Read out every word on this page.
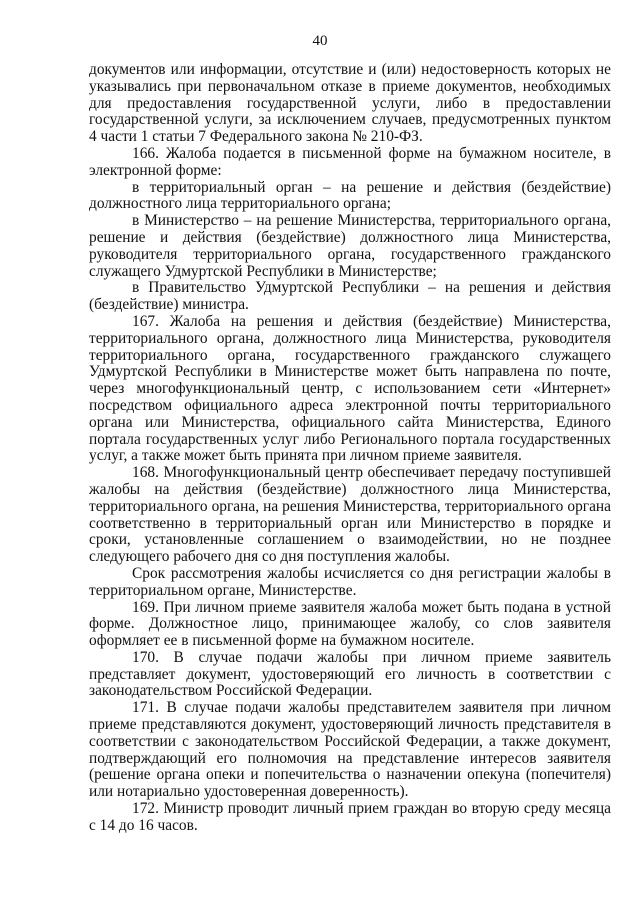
40

документов или информации, отсутствие и (или) недостоверность которых не указывались при первоначальном отказе в приеме документов, необходимых для предоставления государственной услуги, либо в предоставлении государственной услуги, за исключением случаев, предусмотренных пунктом 4 части 1 статьи 7 Федерального закона № 210-ФЗ.

166. Жалоба подается в письменной форме на бумажном носителе, в электронной форме:

в территориальный орган – на решение и действия (бездействие) должностного лица территориального органа;

в Министерство – на решение Министерства, территориального органа, решение и действия (бездействие) должностного лица Министерства, руководителя территориального органа, государственного гражданского служащего Удмуртской Республики в Министерстве;

в Правительство Удмуртской Республики – на решения и действия (бездействие) министра.

167. Жалоба на решения и действия (бездействие) Министерства, территориального органа, должностного лица Министерства, руководителя территориального органа, государственного гражданского служащего Удмуртской Республики в Министерстве может быть направлена по почте, через многофункциональный центр, с использованием сети «Интернет» посредством официального адреса электронной почты территориального органа или Министерства, официального сайта Министерства, Единого портала государственных услуг либо Регионального портала государственных услуг, а также может быть принята при личном приеме заявителя.

168. Многофункциональный центр обеспечивает передачу поступившей жалобы на действия (бездействие) должностного лица Министерства, территориального органа, на решения Министерства, территориального органа соответственно в территориальный орган или Министерство в порядке и сроки, установленные соглашением о взаимодействии, но не позднее следующего рабочего дня со дня поступления жалобы.

Срок рассмотрения жалобы исчисляется со дня регистрации жалобы в территориальном органе, Министерстве.

169. При личном приеме заявителя жалоба может быть подана в устной форме. Должностное лицо, принимающее жалобу, со слов заявителя оформляет ее в письменной форме на бумажном носителе.

170. В случае подачи жалобы при личном приеме заявитель представляет документ, удостоверяющий его личность в соответствии с законодательством Российской Федерации.

171. В случае подачи жалобы представителем заявителя при личном приеме представляются документ, удостоверяющий личность представителя в соответствии с законодательством Российской Федерации, а также документ, подтверждающий его полномочия на представление интересов заявителя (решение органа опеки и попечительства о назначении опекуна (попечителя) или нотариально удостоверенная доверенность).

172. Министр проводит личный прием граждан во вторую среду месяца с 14 до 16 часов.
